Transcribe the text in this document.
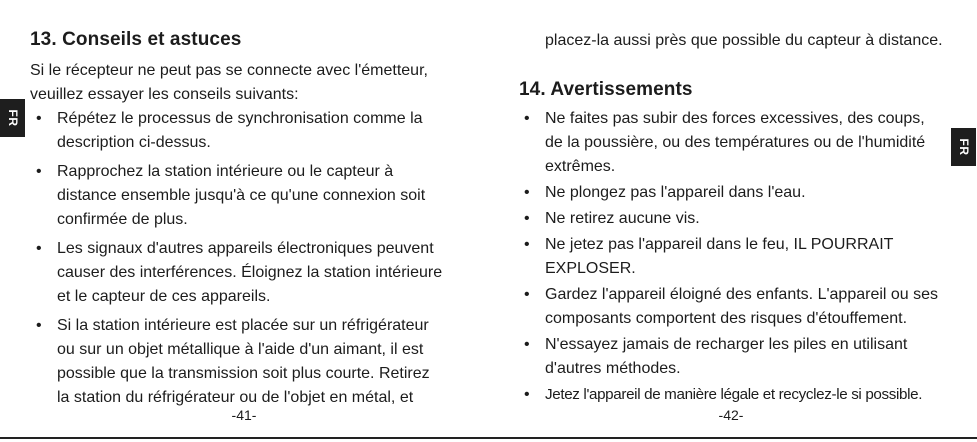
FR
13. Conseils et astuces

Si le récepteur ne peut pas se connecte avec l'émetteur,
veuillez essayer les conseils suivants:

• Répétez le processus de synchronisation comme la
description ci-dessus.
• Rapprochez la station intérieure ou le capteur à
distance ensemble jusqu'à ce qu'une connexion soit
confirmée de plus.
• Les signaux d'autres appareils électroniques peuvent
causer des interférences. Éloignez la station intérieure
et le capteur de ces appareils.
• Si la station intérieure est placée sur un réfrigérateur
ou sur un objet métallique à l'aide d'un aimant, il est
possible que la transmission soit plus courte. Retirez
la station du réfrigérateur ou de l'objet en métal, et
-41-
FR

placez-la aussi près que possible du capteur à distance.

14. Avertissements
• Ne faites pas subir des forces excessives, des coups,
de la poussière, ou des températures ou de l'humidité
extrêmes.
• Ne plongez pas l'appareil dans l'eau.
• Ne retirez aucune vis.
• Ne jetez pas l'appareil dans le feu, IL POURRAIT
EXPLOSER.
• Gardez l'appareil éloigné des enfants. L'appareil ou ses
composants comportent des risques d'étouffement.
• N'essayez jamais de recharger les piles en utilisant
d'autres méthodes.
• Jetez l'appareil de manière légale et recyclez-le si possible.
-42-
